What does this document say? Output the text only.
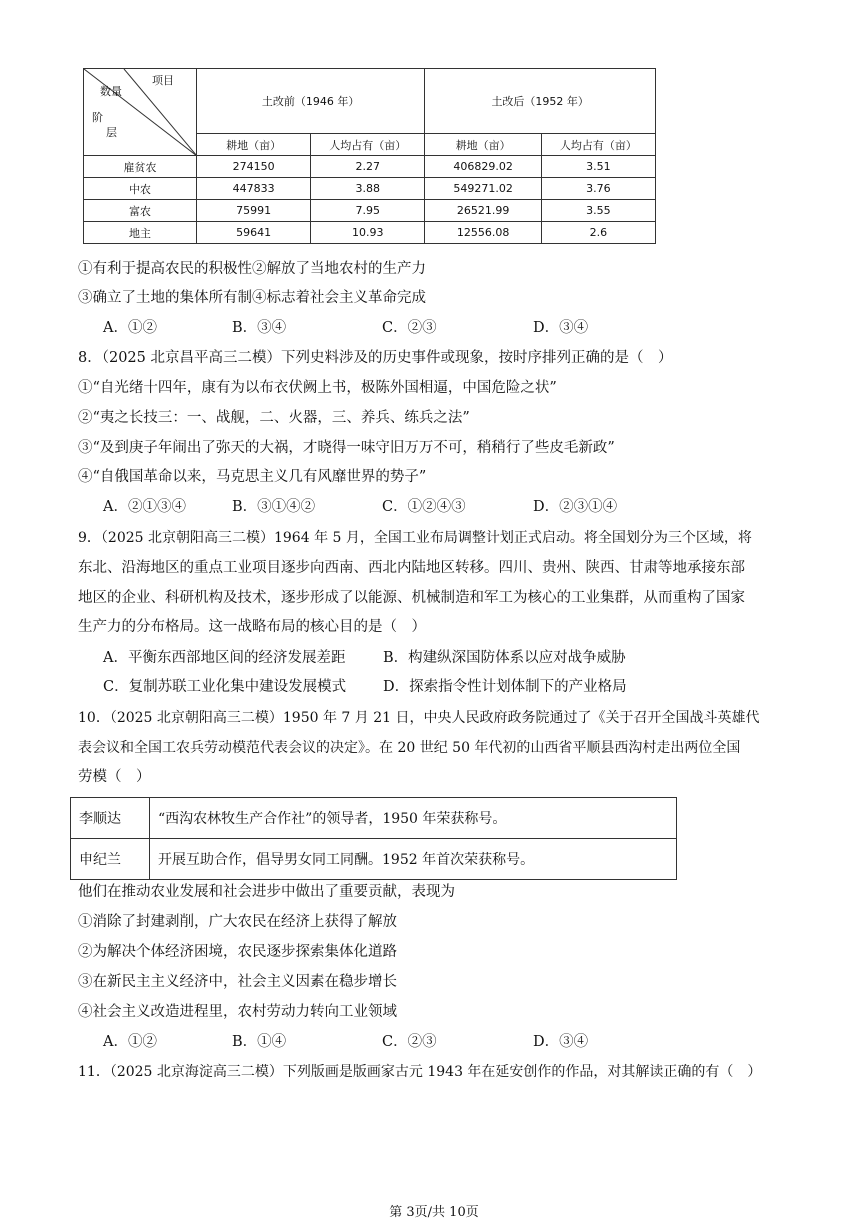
项目
数量
阶
层	土改前（1946 年）		土改后（1952 年）	
	耕地（亩）	人均占有（亩）	耕地（亩）	人均占有（亩）
雇贫农	274150	2.27	406829.02	3.51
中农	447833	3.88	549271.02	3.76
富农	75991	7.95	26521.99	3.55
地主	59641	10.93	12556.08	2.6
①有利于提高农民的积极性②解放了当地农村的生产力
③确立了土地的集体所有制④标志着社会主义革命完成
A．①②	B．③④	C．②③	D．③④
8．（2025 北京昌平高三二模）下列史料涉及的历史事件或现象，按时序排列正确的是（　）
①“自光绪十四年，康有为以布衣伏阙上书，极陈外国相逼，中国危险之状”
②“夷之长技三：一、战舰，二、火器，三、养兵、练兵之法”
③“及到庚子年闹出了弥天的大祸，才晓得一味守旧万万不可，稍稍行了些皮毛新政”
④“自俄国革命以来，马克思主义几有风靡世界的势子”
A．②①③④	B．③①④②	C．①②④③	D．②③①④
9．（2025 北京朝阳高三二模）1964 年 5 月，全国工业布局调整计划正式启动。将全国划分为三个区域，将
东北、沿海地区的重点工业项目逐步向西南、西北内陆地区转移。四川、贵州、陕西、甘肃等地承接东部
地区的企业、科研机构及技术，逐步形成了以能源、机械制造和军工为核心的工业集群，从而重构了国家
生产力的分布格局。这一战略布局的核心目的是（　）
A．平衡东西部地区间的经济发展差距	B．构建纵深国防体系以应对战争威胁
C．复制苏联工业化集中建设发展模式	D．探索指令性计划体制下的产业格局
10．（2025 北京朝阳高三二模）1950 年 7 月 21 日，中央人民政府政务院通过了《关于召开全国战斗英雄代
表会议和全国工农兵劳动模范代表会议的决定》。在 20 世纪 50 年代初的山西省平顺县西沟村走出两位全国
劳模（　）
李顺达	“西沟农林牧生产合作社”的领导者，1950 年荣获称号。
申纪兰	开展互助合作，倡导男女同工同酬。1952 年首次荣获称号。
他们在推动农业发展和社会进步中做出了重要贡献，表现为
①消除了封建剥削，广大农民在经济上获得了解放
②为解决个体经济困境，农民逐步探索集体化道路
③在新民主主义经济中，社会主义因素在稳步增长
④社会主义改造进程里，农村劳动力转向工业领域
A．①②	B．①④	C．②③	D．③④
11．（2025 北京海淀高三二模）下列版画是版画家古元 1943 年在延安创作的作品，对其解读正确的有（　）
第 3页/共 10页
